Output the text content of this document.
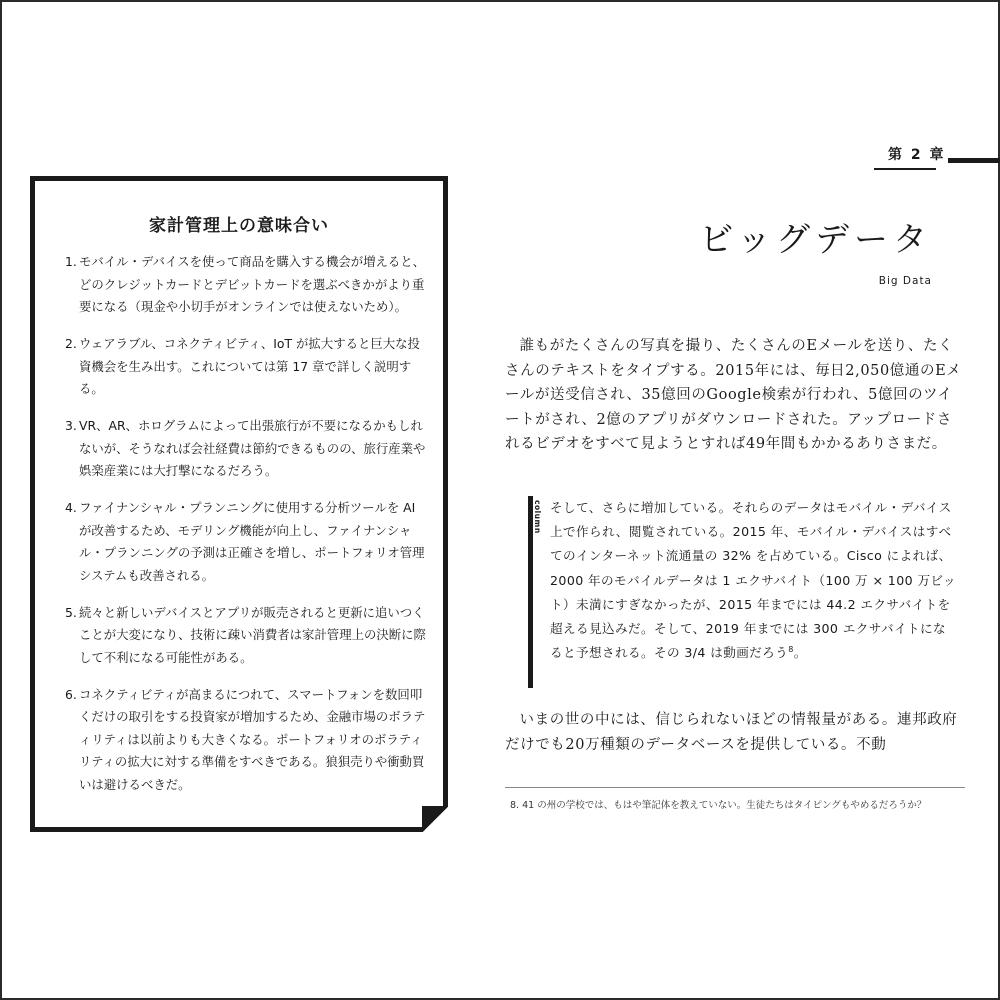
家計管理上の意味合い
1. モバイル・デバイスを使って商品を購入する機会が増えると、どのクレジットカードとデビットカードを選ぶべきかがより重要になる（現金や小切手がオンラインでは使えないため）。
2. ウェアラブル、コネクティビティ、IoT が拡大すると巨大な投資機会を生み出す。これについては第 17 章で詳しく説明する。
3. VR、AR、ホログラムによって出張旅行が不要になるかもしれないが、そうなれば会社経費は節約できるものの、旅行産業や娯楽産業には大打撃になるだろう。
4. ファイナンシャル・プランニングに使用する分析ツールを AI が改善するため、モデリング機能が向上し、ファイナンシャル・プランニングの予測は正確さを増し、ポートフォリオ管理システムも改善される。
5. 続々と新しいデバイスとアプリが販売されると更新に追いつくことが大変になり、技術に疎い消費者は家計管理上の決断に際して不利になる可能性がある。
6. コネクティビティが高まるにつれて、スマートフォンを数回叩くだけの取引をする投資家が増加するため、金融市場のボラティリティは以前よりも大きくなる。ポートフォリオのボラティリティの拡大に対する準備をすべきである。狼狽売りや衝動買いは避けるべきだ。
第 2 章
ビッグデータ
Big Data

誰もがたくさんの写真を撮り、たくさんのEメールを送り、たくさんのテキストをタイプする。2015年には、毎日2,050億通のEメールが送受信され、35億回のGoogle検索が行われ、5億回のツイートがされ、2億のアプリがダウンロードされた。アップロードされるビデオをすべて見ようとすれば49年間もかかるありさまだ。

column そして、さらに増加している。それらのデータはモバイル・デバイス上で作られ、閲覧されている。2015 年、モバイル・デバイスはすべてのインターネット流通量の 32% を占めている。Cisco によれば、2000 年のモバイルデータは 1 エクサバイト（100 万 × 100 万ビット）未満にすぎなかったが、2015 年までには 44.2 エクサバイトを超える見込みだ。そして、2019 年までには 300 エクサバイトになると予想される。その 3/4 は動画だろう$^8$。

いまの世の中には、信じられないほどの情報量がある。連邦政府だけでも20万種類のデータベースを提供している。不動

8. 41 の州の学校では、もはや筆記体を教えていない。生徒たちはタイピングもやめるだろうか？
